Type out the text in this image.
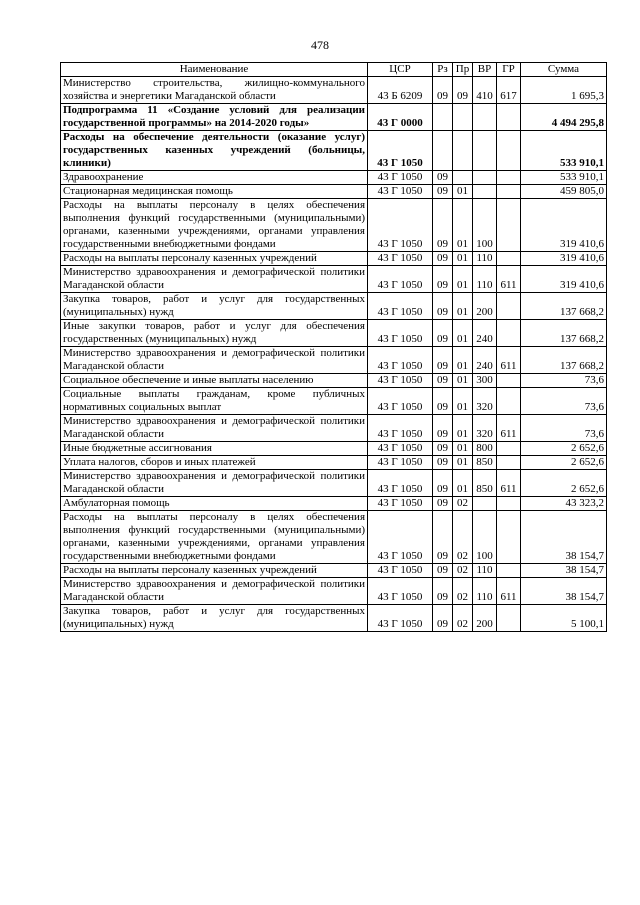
478
Наименование	ЦСР	Рз	Пр	ВР	ГР	Сумма
Министерство строительства, жилищно-коммунального хозяйства и энергетики Магаданской области	43 Б 6209	09	09	410	617	1 695,3
Подпрограмма 11 «Создание условий для реализации государственной программы» на 2014-2020 годы»	43 Г 0000					4 494 295,8
Расходы на обеспечение деятельности (оказание услуг) государственных казенных учреждений (больницы, клиники)	43 Г 1050					533 910,1
Здравоохранение	43 Г 1050	09				533 910,1
Стационарная медицинская помощь	43 Г 1050	09	01			459 805,0
Расходы на выплаты персоналу в целях обеспечения выполнения функций государственными (муниципальными) органами, казенными учреждениями, органами управления государственными внебюджетными фондами	43 Г 1050	09	01	100		319 410,6
Расходы на выплаты персоналу казенных учреждений	43 Г 1050	09	01	110		319 410,6
Министерство здравоохранения и демографической политики Магаданской области	43 Г 1050	09	01	110	611	319 410,6
Закупка товаров, работ и услуг для государственных (муниципальных) нужд	43 Г 1050	09	01	200		137 668,2
Иные закупки товаров, работ и услуг для обеспечения государственных (муниципальных) нужд	43 Г 1050	09	01	240		137 668,2
Министерство здравоохранения и демографической политики Магаданской области	43 Г 1050	09	01	240	611	137 668,2
Социальное обеспечение и иные выплаты населению	43 Г 1050	09	01	300		73,6
Социальные выплаты гражданам, кроме публичных нормативных социальных выплат	43 Г 1050	09	01	320		73,6
Министерство здравоохранения и демографической политики Магаданской области	43 Г 1050	09	01	320	611	73,6
Иные бюджетные ассигнования	43 Г 1050	09	01	800		2 652,6
Уплата налогов, сборов и иных платежей	43 Г 1050	09	01	850		2 652,6
Министерство здравоохранения и демографической политики Магаданской области	43 Г 1050	09	01	850	611	2 652,6
Амбулаторная помощь	43 Г 1050	09	02			43 323,2
Расходы на выплаты персоналу в целях обеспечения выполнения функций государственными (муниципальными) органами, казенными учреждениями, органами управления государственными внебюджетными фондами	43 Г 1050	09	02	100		38 154,7
Расходы на выплаты персоналу казенных учреждений	43 Г 1050	09	02	110		38 154,7
Министерство здравоохранения и демографической политики Магаданской области	43 Г 1050	09	02	110	611	38 154,7
Закупка товаров, работ и услуг для государственных (муниципальных) нужд	43 Г 1050	09	02	200		5 100,1
